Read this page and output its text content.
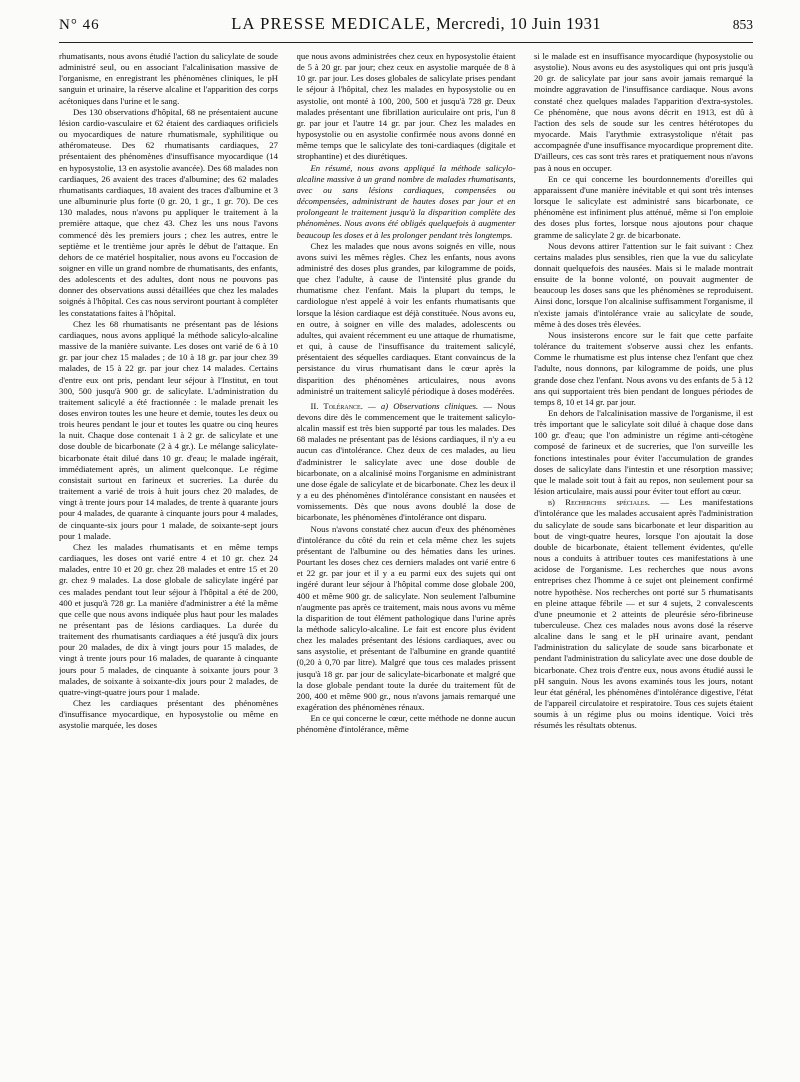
N° 46	LA PRESSE MEDICALE, Mercredi, 10 Juin 1931	853

rhumatisants, nous avons étudié l'action du salicylate de soude administré seul, ou en associant l'alcalinisation massive de l'organisme, en enregistrant les phénomènes cliniques, le pH sanguin et urinaire, la réserve alcaline et l'apparition des corps acétoniques dans l'urine et le sang.

Des 130 observations d'hôpital, 68 ne présentaient aucune lésion cardio-vasculaire et 62 étaient des cardiaques orificiels ou myocardiques de nature rhumatismale, syphilitique ou athéromateuse. Des 62 rhumatisants cardiaques, 27 présentaient des phénomènes d'insuffisance myocardique (14 en hyposystolie, 13 en asystolie avancée). Des 68 malades non cardiaques, 26 avaient des traces d'albumine; des 62 malades rhumatisants cardiaques, 18 avaient des traces d'albumine et 3 une albuminurie plus forte (0 gr. 20, 1 gr., 1 gr. 70). De ces 130 malades, nous n'avons pu appliquer le traitement à la première attaque, que chez 43. Chez les uns nous l'avons commencé dès les premiers jours ; chez les autres, entre le septième et le trentième jour après le début de l'attaque. En dehors de ce matériel hospitalier, nous avons eu l'occasion de soigner en ville un grand nombre de rhumatisants, des enfants, des adolescents et des adultes, dont nous ne pouvons pas donner des observations aussi détaillées que chez les malades soignés à l'hôpital. Ces cas nous serviront pourtant à compléter les constatations faites à l'hôpital.

Chez les 68 rhumatisants ne présentant pas de lésions cardiaques, nous avons appliqué la méthode salicylo-alcaline massive de la manière suivante. Les doses ont varié de 6 à 10 gr. par jour chez 15 malades ; de 10 à 18 gr. par jour chez 39 malades, de 15 à 22 gr. par jour chez 14 malades. Certains d'entre eux ont pris, pendant leur séjour à l'Institut, en tout 300, 500 jusqu'à 900 gr. de salicylate. L'administration du traitement salicylé a été fractionnée : le malade prenait les doses environ toutes les une heure et demie, toutes les deux ou trois heures pendant le jour et toutes les quatre ou cinq heures la nuit. Chaque dose contenait 1 à 2 gr. de salicylate et une dose double de bicarbonate (2 à 4 gr.). Le mélange salicylate-bicarbonate était dilué dans 10 gr. d'eau; le malade ingérait, immédiatement après, un aliment quelconque. Le régime consistait surtout en farineux et sucreries. La durée du traitement a varié de trois à huit jours chez 20 malades, de vingt à trente jours pour 14 malades, de trente à quarante jours pour 4 malades, de quarante à cinquante jours pour 4 malades, de cinquante-six jours pour 1 malade, de soixante-sept jours pour 1 malade.

Chez les malades rhumatisants et en même temps cardiaques, les doses ont varié entre 4 et 10 gr. chez 24 malades, entre 10 et 20 gr. chez 28 malades et entre 15 et 20 gr. chez 9 malades. La dose globale de salicylate ingéré par ces malades pendant tout leur séjour à l'hôpital a été de 200, 400 et jusqu'à 728 gr. La manière d'administrer a été la même que celle que nous avons indiquée plus haut pour les malades ne présentant pas de lésions cardiaques. La durée du traitement des rhumatisants cardiaques a été jusqu'à dix jours pour 20 malades, de dix à vingt jours pour 15 malades, de vingt à trente jours pour 16 malades, de quarante à cinquante jours pour 5 malades, de cinquante à soixante jours pour 3 malades, de soixante à soixante-dix jours pour 2 malades, de quatre-vingt-quatre jours pour 1 malade.

Chez les cardiaques présentant des phénomènes d'insuffisance myocardique, en hyposystolie ou même en asystolie marquée, les doses

que nous avons administrées chez ceux en hyposystolie étaient de 5 à 20 gr. par jour; chez ceux en asystolie marquée de 8 à 10 gr. par jour. Les doses globales de salicylate prises pendant le séjour à l'hôpital, chez les malades en hyposystolie ou en asystolie, ont monté à 100, 200, 500 et jusqu'à 728 gr. Deux malades présentant une fibrillation auriculaire ont pris, l'un 8 gr. par jour et l'autre 14 gr. par jour. Chez les malades en hyposystolie ou en asystolie confirmée nous avons donné en même temps que le salicylate des toni-cardiaques (digitale et strophantine) et des diurétiques.

En résumé, nous avons appliqué la méthode salicylo-alcaline massive à un grand nombre de malades rhumatisants, avec ou sans lésions cardiaques, compensées ou décompensées, administrant de hautes doses par jour et en prolongeant le traitement jusqu'à la disparition complète des phénomènes. Nous avons été obligés quelquefois à augmenter beaucoup les doses et à les prolonger pendant très longtemps.

Chez les malades que nous avons soignés en ville, nous avons suivi les mêmes règles. Chez les enfants, nous avons administré des doses plus grandes, par kilogramme de poids, que chez l'adulte, à cause de l'intensité plus grande du rhumatisme chez l'enfant. Mais la plupart du temps, le cardiologue n'est appelé à voir les enfants rhumatisants que lorsque la lésion cardiaque est déjà constituée. Nous avons eu, en outre, à soigner en ville des malades, adolescents ou adultes, qui avaient récemment eu une attaque de rhumatisme, et qui, à cause de l'insuffisance du traitement salicylé, présentaient des séquelles cardiaques. Etant convaincus de la persistance du virus rhumatisant dans le cœur après la disparition des phénomènes articulaires, nous avons administré un traitement salicylé périodique à doses modérées.

II. Tolérance. — a) Observations cliniques. — Nous devons dire dès le commencement que le traitement salicylo-alcalin massif est très bien supporté par tous les malades. Des 68 malades ne présentant pas de lésions cardiaques, il n'y a eu aucun cas d'intolérance. Chez deux de ces malades, au lieu d'administrer le salicylate avec une dose double de bicarbonate, on a alcalinisé moins l'organisme en administrant une dose égale de salicylate et de bicarbonate. Chez les deux il y a eu des phénomènes d'intolérance consistant en nausées et vomissements. Dès que nous avons doublé la dose de bicarbonate, les phénomènes d'intolérance ont disparu.

Nous n'avons constaté chez aucun d'eux des phénomènes d'intolérance du côté du rein et cela même chez les sujets présentant de l'albumine ou des hématies dans les urines. Pourtant les doses chez ces derniers malades ont varié entre 6 et 22 gr. par jour et il y a eu parmi eux des sujets qui ont ingéré durant leur séjour à l'hôpital comme dose globale 200, 400 et même 900 gr. de salicylate. Non seulement l'albumine n'augmente pas après ce traitement, mais nous avons vu même la disparition de tout élément pathologique dans l'urine après la méthode salicylo-alcaline. Le fait est encore plus évident chez les malades présentant des lésions cardiaques, avec ou sans asystolie, et présentant de l'albumine en grande quantité (0,20 à 0,70 par litre). Malgré que tous ces malades prissent jusqu'à 18 gr. par jour de salicylate-bicarbonate et malgré que la dose globale pendant toute la durée du traitement fût de 200, 400 et même 900 gr., nous n'avons jamais remarqué une exagération des phénomènes rénaux.

En ce qui concerne le cœur, cette méthode ne donne aucun phénomène d'intolérance, même

si le malade est en insuffisance myocardique (hyposystolie ou asystolie). Nous avons eu des asystoliques qui ont pris jusqu'à 20 gr. de salicylate par jour sans avoir jamais remarqué la moindre aggravation de l'insuffisance cardiaque. Nous avons constaté chez quelques malades l'apparition d'extra-systoles. Ce phénomène, que nous avons décrit en 1913, est dû à l'action des sels de soude sur les centres hétérotopes du myocarde. Mais l'arythmie extrasystolique n'était pas accompagnée d'une insuffisance myocardique proprement dite. D'ailleurs, ces cas sont très rares et pratiquement nous n'avons pas à nous en occuper.

En ce qui concerne les bourdonnements d'oreilles qui apparaissent d'une manière inévitable et qui sont très intenses lorsque le salicylate est administré sans bicarbonate, ce phénomène est infiniment plus atténué, même si l'on emploie des doses plus fortes, lorsque nous ajoutons pour chaque gramme de salicylate 2 gr. de bicarbonate.

Nous devons attirer l'attention sur le fait suivant : Chez certains malades plus sensibles, rien que la vue du salicylate donnait quelquefois des nausées. Mais si le malade montrait ensuite de la bonne volonté, on pouvait augmenter de beaucoup les doses sans que les phénomènes se reproduisent. Ainsi donc, lorsque l'on alcalinise suffisamment l'organisme, il n'existe jamais d'intolérance vraie au salicylate de soude, même à des doses très élevées.

Nous insisterons encore sur le fait que cette parfaite tolérance du traitement s'observe aussi chez les enfants. Comme le rhumatisme est plus intense chez l'enfant que chez l'adulte, nous donnons, par kilogramme de poids, une plus grande dose chez l'enfant. Nous avons vu des enfants de 5 à 12 ans qui supportaient très bien pendant de longues périodes de temps 8, 10 et 14 gr. par jour.

En dehors de l'alcalinisation massive de l'organisme, il est très important que le salicylate soit dilué à chaque dose dans 100 gr. d'eau; que l'on administre un régime anti-cétogène composé de farineux et de sucreries, que l'on surveille les fonctions intestinales pour éviter l'accumulation de grandes doses de salicylate dans l'intestin et une résorption massive; que le malade soit tout à fait au repos, non seulement pour sa lésion articulaire, mais aussi pour éviter tout effort au cœur.

b) Recherches spéciales. — Les manifestations d'intolérance que les malades accusaient après l'administration du salicylate de soude sans bicarbonate et leur disparition au bout de vingt-quatre heures, lorsque l'on ajoutait la dose double de bicarbonate, étaient tellement évidentes, qu'elle nous a conduits à attribuer toutes ces manifestations à une acidose de l'organisme. Les recherches que nous avons entreprises chez l'homme à ce sujet ont pleinement confirmé notre hypothèse. Nos recherches ont porté sur 5 rhumatisants en pleine attaque fébrile — et sur 4 sujets, 2 convalescents d'une pneumonie et 2 atteints de pleurésie séro-fibrineuse tuberculeuse. Chez ces malades nous avons dosé la réserve alcaline dans le sang et le pH urinaire avant, pendant l'administration du salicylate de soude sans bicarbonate et pendant l'administration du salicylate avec une dose double de bicarbonate. Chez trois d'entre eux, nous avons étudié aussi le pH sanguin. Nous les avons examinés tous les jours, notant leur état général, les phénomènes d'intolérance digestive, l'état de l'appareil circulatoire et respiratoire. Tous ces sujets étaient soumis à un régime plus ou moins identique. Voici très résumés les résultats obtenus.
